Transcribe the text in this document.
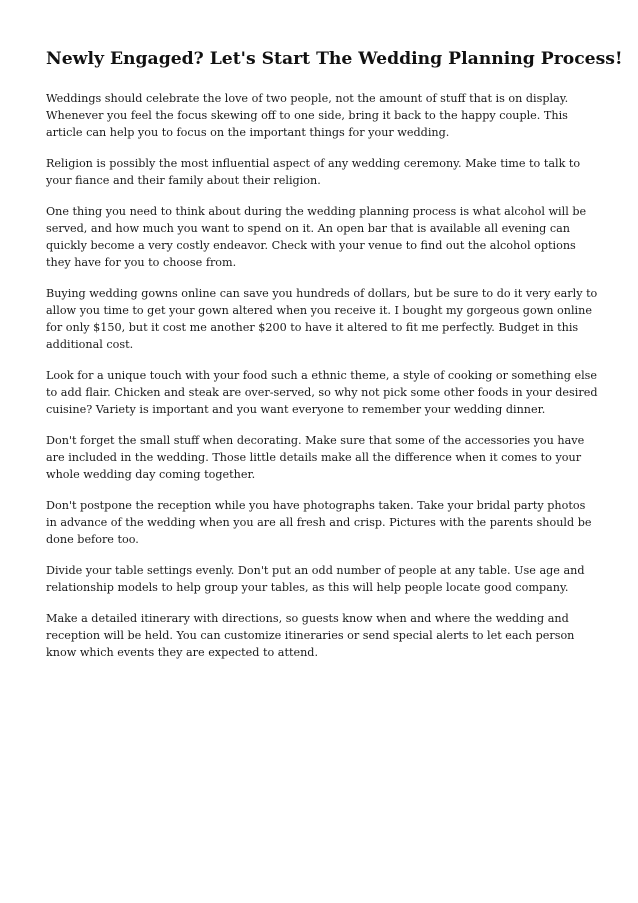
Newly Engaged? Let's Start The Wedding Planning Process!

Weddings should celebrate the love of two people, not the amount of stuff that is on display. Whenever you feel the focus skewing off to one side, bring it back to the happy couple. This article can help you to focus on the important things for your wedding.

Religion is possibly the most influential aspect of any wedding ceremony. Make time to talk to your fiance and their family about their religion.

One thing you need to think about during the wedding planning process is what alcohol will be served, and how much you want to spend on it. An open bar that is available all evening can quickly become a very costly endeavor. Check with your venue to find out the alcohol options they have for you to choose from.

Buying wedding gowns online can save you hundreds of dollars, but be sure to do it very early to allow you time to get your gown altered when you receive it. I bought my gorgeous gown online for only $150, but it cost me another $200 to have it altered to fit me perfectly. Budget in this additional cost.

Look for a unique touch with your food such a ethnic theme, a style of cooking or something else to add flair. Chicken and steak are over-served, so why not pick some other foods in your desired cuisine? Variety is important and you want everyone to remember your wedding dinner.

Don't forget the small stuff when decorating. Make sure that some of the accessories you have are included in the wedding. Those little details make all the difference when it comes to your whole wedding day coming together.

Don't postpone the reception while you have photographs taken. Take your bridal party photos in advance of the wedding when you are all fresh and crisp. Pictures with the parents should be done before too.

Divide your table settings evenly. Don't put an odd number of people at any table. Use age and relationship models to help group your tables, as this will help people locate good company.

Make a detailed itinerary with directions, so guests know when and where the wedding and reception will be held. You can customize itineraries or send special alerts to let each person know which events they are expected to attend.
